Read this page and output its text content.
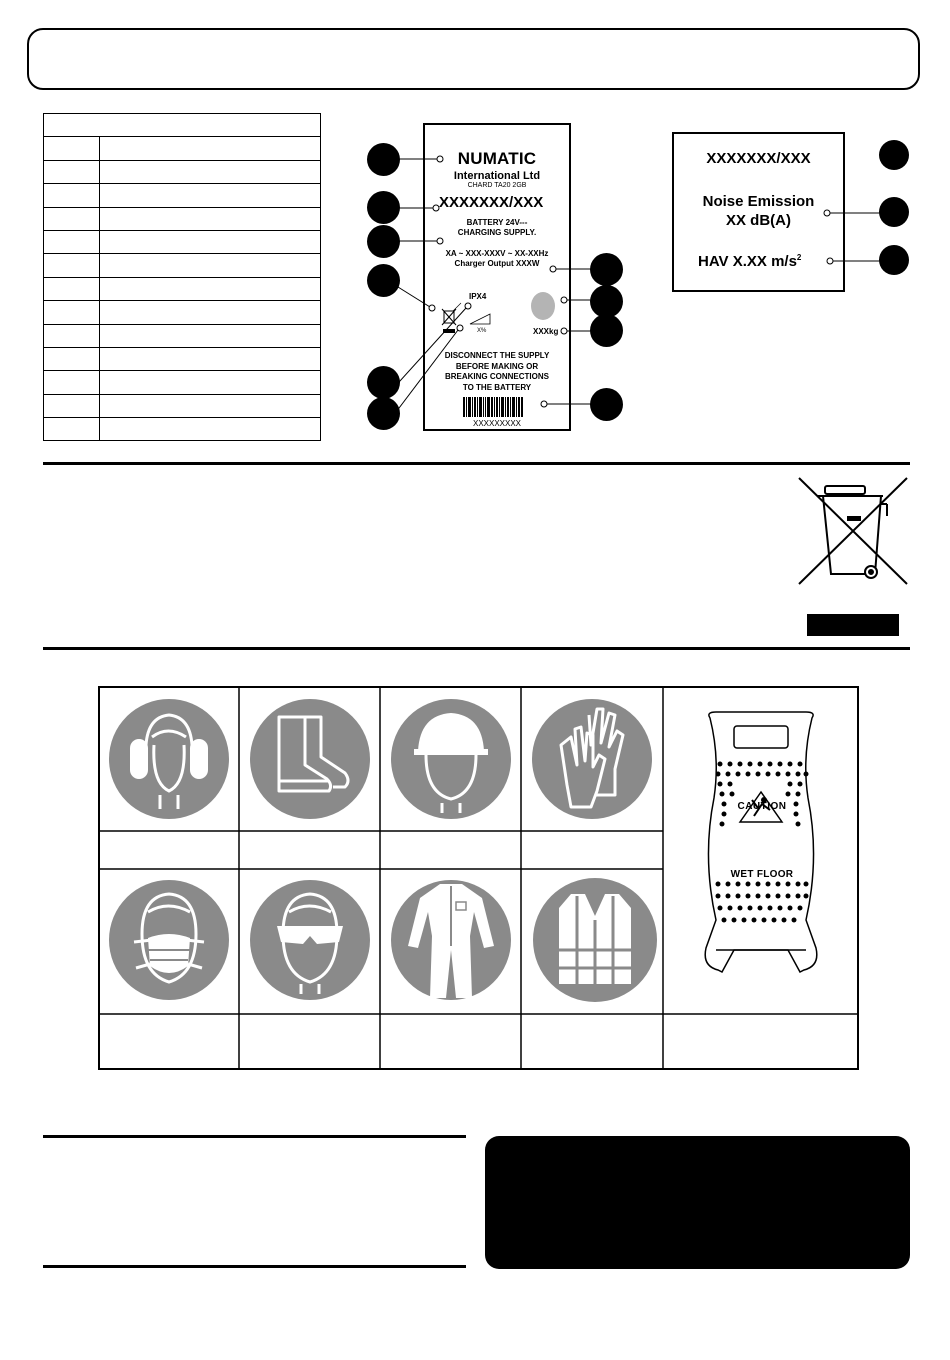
NUMATIC
International Ltd
CHARD TA20 2GB
XXXXXXX/XXX
BATTERY 24V---
CHARGING SUPPLY.
XA ~ XXX-XXXV ~ XX-XXHz
Charger Output XXXW
IPX4
X%	XXXkg
DISCONNECT THE SUPPLY
BEFORE MAKING OR
BREAKING CONNECTIONS
TO THE BATTERY
XXXXXXXXX
XXXXXXX/XXX
Noise Emission
XX dB(A)
HAV X.XX $m/s^2$
CAUTION
WET FLOOR
